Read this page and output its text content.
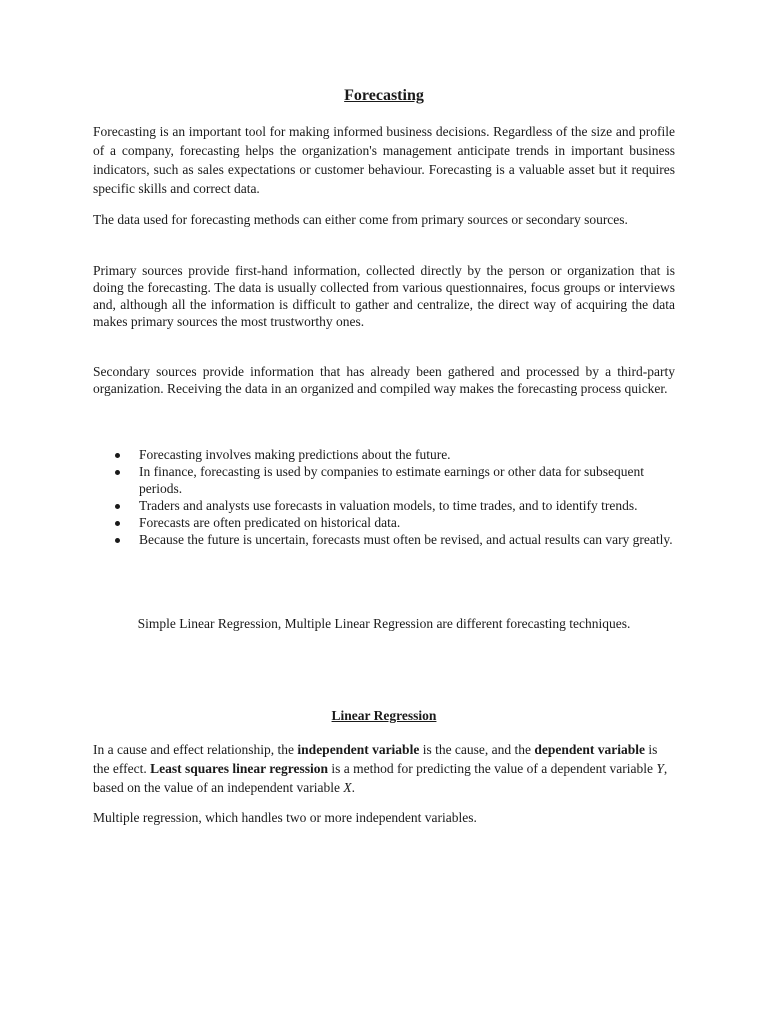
Forecasting

Forecasting is an important tool for making informed business decisions. Regardless of the size and profile of a company, forecasting helps the organization's management anticipate trends in important business indicators, such as sales expectations or customer behaviour. Forecasting is a valuable asset but it requires specific skills and correct data.

The data used for forecasting methods can either come from primary sources or secondary sources.

Primary sources provide first-hand information, collected directly by the person or organization that is doing the forecasting. The data is usually collected from various questionnaires, focus groups or interviews and, although all the information is difficult to gather and centralize, the direct way of acquiring the data makes primary sources the most trustworthy ones.

Secondary sources provide information that has already been gathered and processed by a third-party organization. Receiving the data in an organized and compiled way makes the forecasting process quicker.

Forecasting involves making predictions about the future.
In finance, forecasting is used by companies to estimate earnings or other data for subsequent periods.
Traders and analysts use forecasts in valuation models, to time trades, and to identify trends.
Forecasts are often predicated on historical data.
Because the future is uncertain, forecasts must often be revised, and actual results can vary greatly.

Simple Linear Regression, Multiple Linear Regression are different forecasting techniques.

Linear Regression

In a cause and effect relationship, the independent variable is the cause, and the dependent variable is the effect. Least squares linear regression is a method for predicting the value of a dependent variable Y, based on the value of an independent variable X.

Multiple regression, which handles two or more independent variables.
